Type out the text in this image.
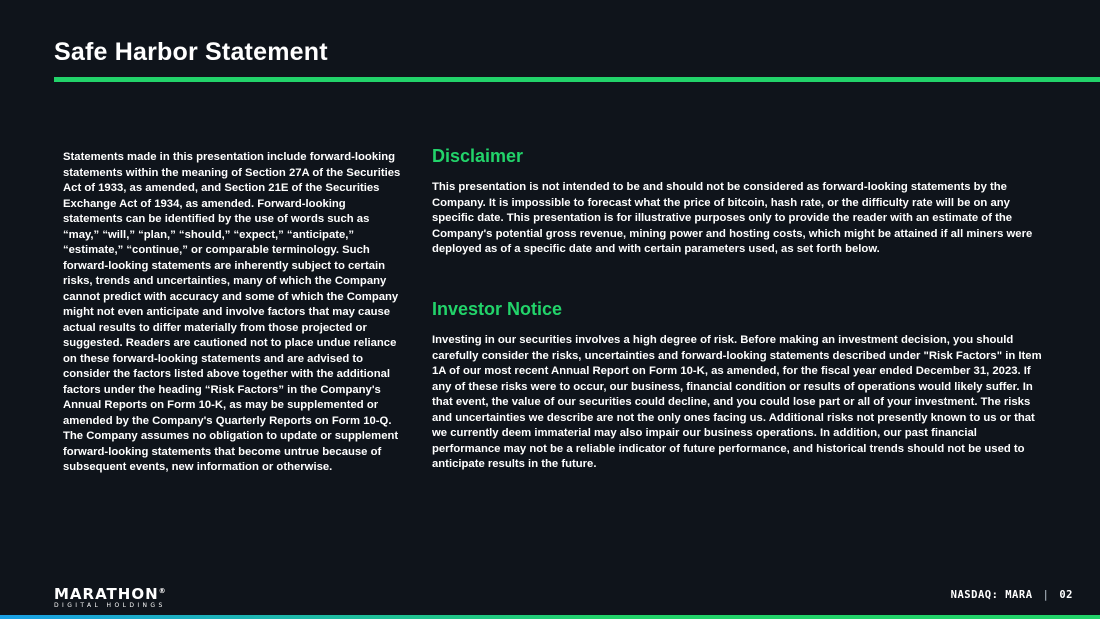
Safe Harbor Statement

Statements made in this presentation include forward-looking statements within the meaning of Section 27A of the Securities Act of 1933, as amended, and Section 21E of the Securities Exchange Act of 1934, as amended. Forward-looking statements can be identified by the use of words such as “may,” “will,” “plan,” “should,” “expect,” “anticipate,” “estimate,” “continue,” or comparable terminology. Such forward-looking statements are inherently subject to certain risks, trends and uncertainties, many of which the Company cannot predict with accuracy and some of which the Company might not even anticipate and involve factors that may cause actual results to differ materially from those projected or suggested. Readers are cautioned not to place undue reliance on these forward-looking statements and are advised to consider the factors listed above together with the additional factors under the heading “Risk Factors” in the Company's Annual Reports on Form 10-K, as may be supplemented or amended by the Company's Quarterly Reports on Form 10-Q. The Company assumes no obligation to update or supplement forward-looking statements that become untrue because of subsequent events, new information or otherwise.

Disclaimer

This presentation is not intended to be and should not be considered as forward-looking statements by the Company. It is impossible to forecast what the price of bitcoin, hash rate, or the difficulty rate will be on any specific date. This presentation is for illustrative purposes only to provide the reader with an estimate of the Company's potential gross revenue, mining power and hosting costs, which might be attained if all miners were deployed as of a specific date and with certain parameters used, as set forth below.

Investor Notice

Investing in our securities involves a high degree of risk. Before making an investment decision, you should carefully consider the risks, uncertainties and forward-looking statements described under "Risk Factors" in Item 1A of our most recent Annual Report on Form 10-K, as amended, for the fiscal year ended December 31, 2023. If any of these risks were to occur, our business, financial condition or results of operations would likely suffer. In that event, the value of our securities could decline, and you could lose part or all of your investment. The risks and uncertainties we describe are not the only ones facing us. Additional risks not presently known to us or that we currently deem immaterial may also impair our business operations. In addition, our past financial performance may not be a reliable indicator of future performance, and historical trends should not be used to anticipate results in the future.

MARATHON®
DIGITAL HOLDINGS
NASDAQ: MARA | 02
